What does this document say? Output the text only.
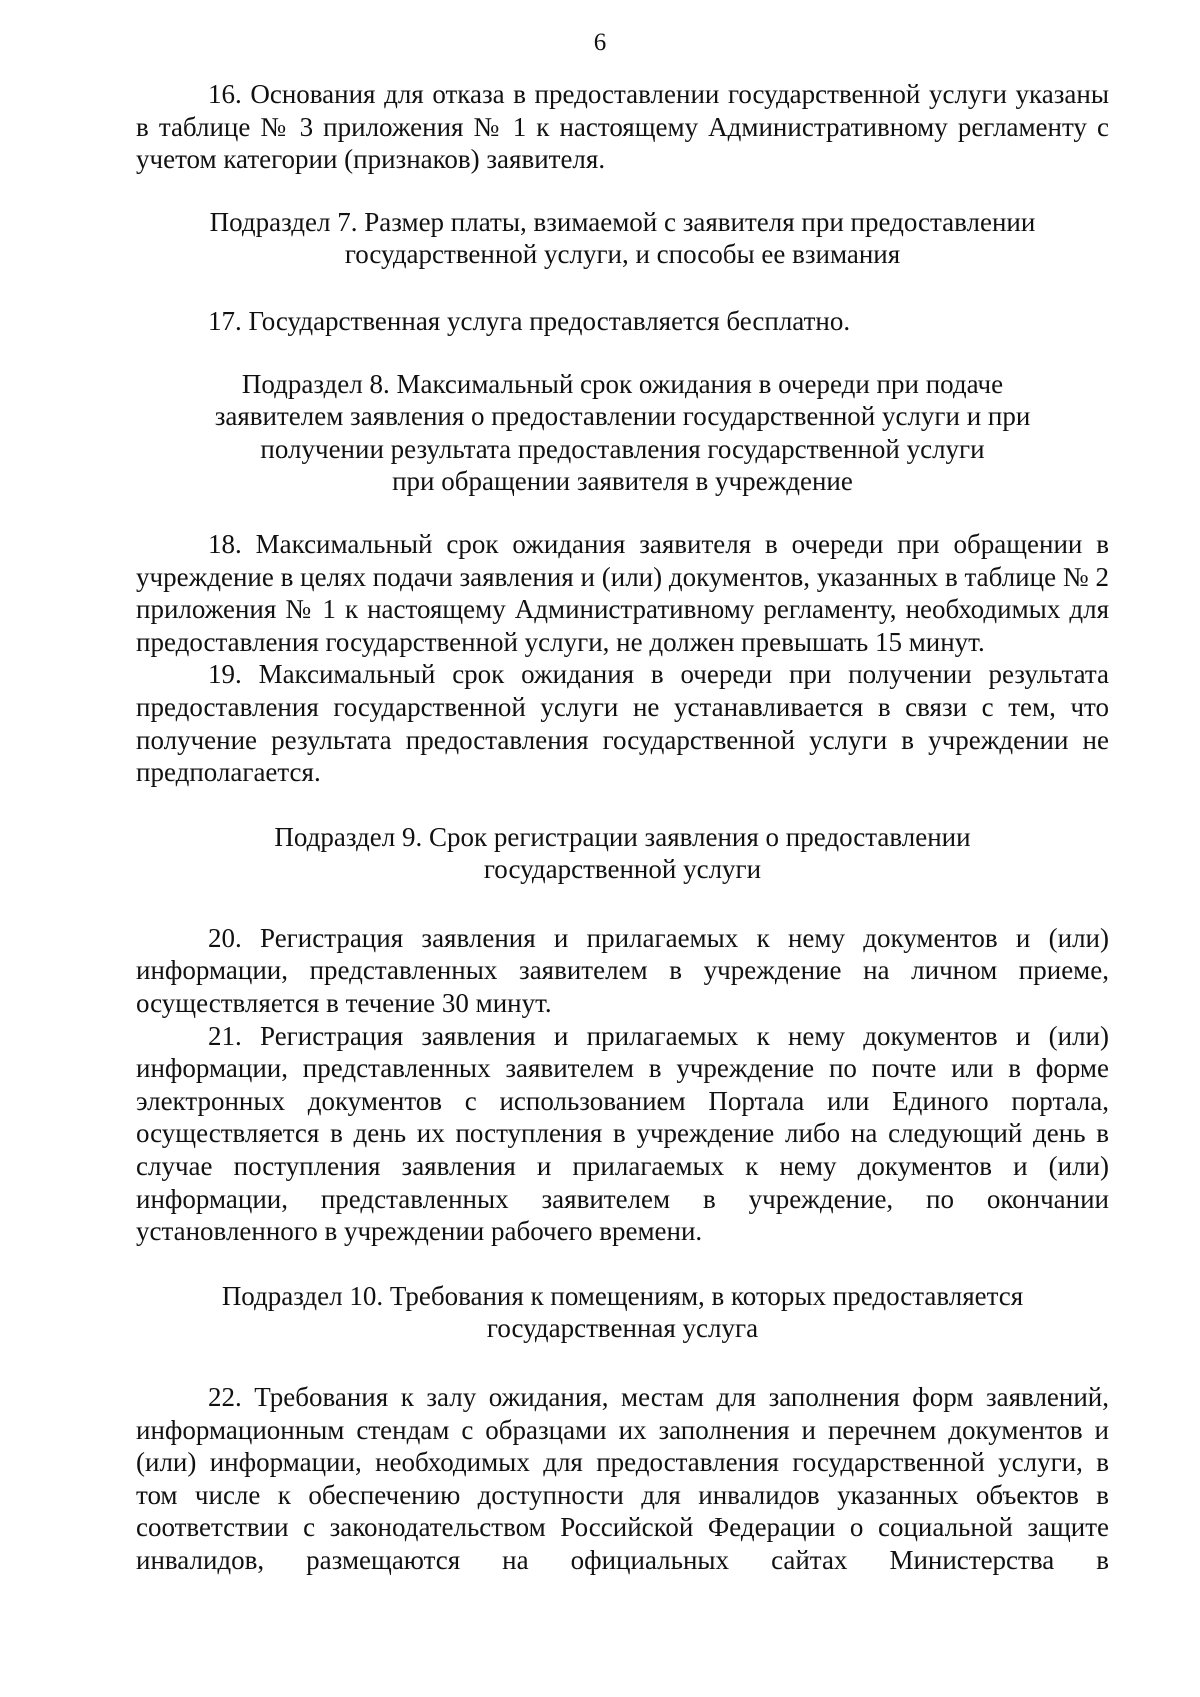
6

16. Основания для отказа в предоставлении государственной услуги указаны в таблице № 3 приложения № 1 к настоящему Административному регламенту с учетом категории (признаков) заявителя.

Подраздел 7. Размер платы, взимаемой с заявителя при предоставлении
государственной услуги, и способы ее взимания

17. Государственная услуга предоставляется бесплатно.

Подраздел 8. Максимальный срок ожидания в очереди при подаче
заявителем заявления о предоставлении государственной услуги и при
получении результата предоставления государственной услуги
при обращении заявителя в учреждение

18. Максимальный срок ожидания заявителя в очереди при обращении в учреждение в целях подачи заявления и (или) документов, указанных в таблице № 2 приложения № 1 к настоящему Административному регламенту, необходимых для предоставления государственной услуги, не должен превышать 15 минут.

19. Максимальный срок ожидания в очереди при получении результата предоставления государственной услуги не устанавливается в связи с тем, что получение результата предоставления государственной услуги в учреждении не предполагается.

Подраздел 9. Срок регистрации заявления о предоставлении
государственной услуги

20. Регистрация заявления и прилагаемых к нему документов и (или) информации, представленных заявителем в учреждение на личном приеме, осуществляется в течение 30 минут.

21. Регистрация заявления и прилагаемых к нему документов и (или) информации, представленных заявителем в учреждение по почте или в форме электронных документов с использованием Портала или Единого портала, осуществляется в день их поступления в учреждение либо на следующий день в случае поступления заявления и прилагаемых к нему документов и (или) информации, представленных заявителем в учреждение, по окончании установленного в учреждении рабочего времени.

Подраздел 10. Требования к помещениям, в которых предоставляется
государственная услуга

22. Требования к залу ожидания, местам для заполнения форм заявлений, информационным стендам с образцами их заполнения и перечнем документов и (или) информации, необходимых для предоставления государственной услуги, в том числе к обеспечению доступности для инвалидов указанных объектов в соответствии с законодательством Российской Федерации о социальной защите инвалидов, размещаются на официальных сайтах Министерства в
